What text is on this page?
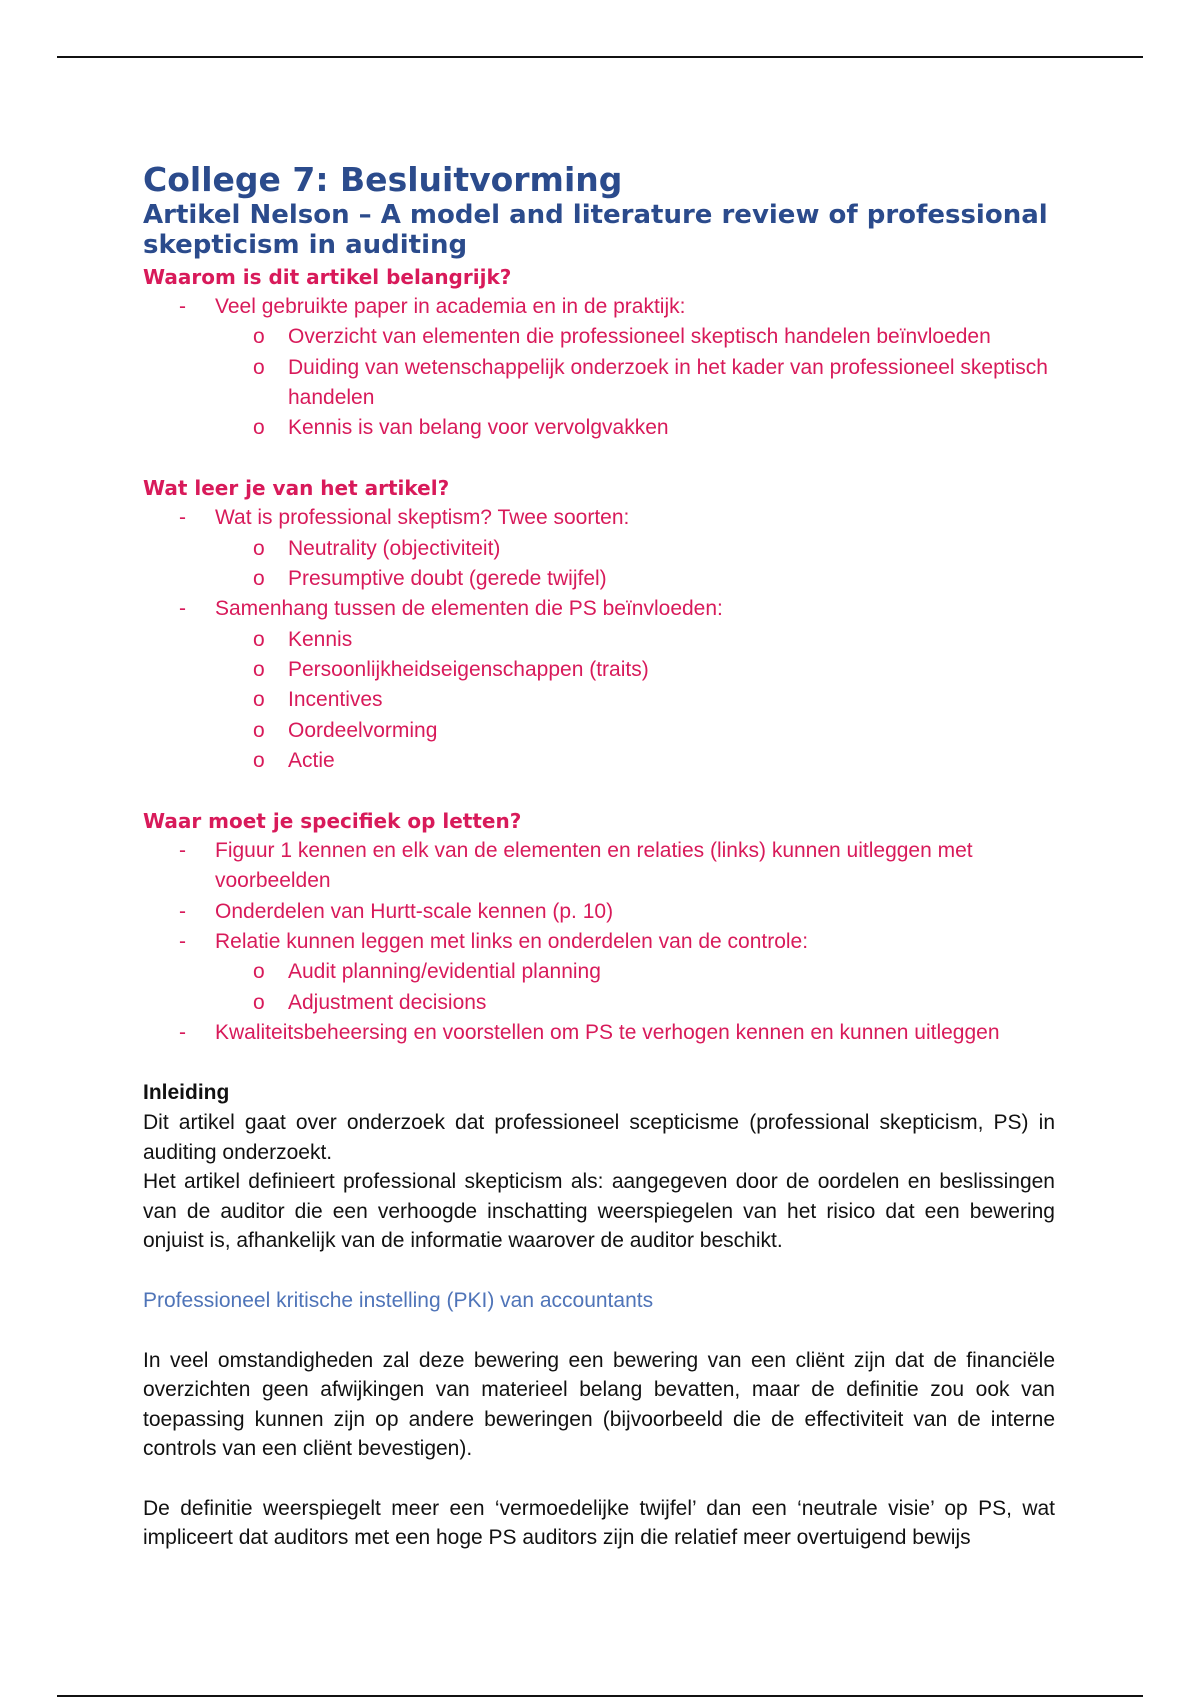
College 7: Besluitvorming
Artikel Nelson – A model and literature review of professional skepticism in auditing

Waarom is dit artikel belangrijk?

- Veel gebruikte paper in academia en in de praktijk:
o Overzicht van elementen die professioneel skeptisch handelen beïnvloeden
o Duiding van wetenschappelijk onderzoek in het kader van professioneel skeptisch handelen
o Kennis is van belang voor vervolgvakken

Wat leer je van het artikel?

- Wat is professional skeptism? Twee soorten:
o Neutrality (objectiviteit)
o Presumptive doubt (gerede twijfel)
- Samenhang tussen de elementen die PS beïnvloeden:
o Kennis
o Persoonlijkheidseigenschappen (traits)
o Incentives
o Oordeelvorming
o Actie

Waar moet je specifiek op letten?

- Figuur 1 kennen en elk van de elementen en relaties (links) kunnen uitleggen met voorbeelden
- Onderdelen van Hurtt-scale kennen (p. 10)
- Relatie kunnen leggen met links en onderdelen van de controle:
o Audit planning/evidential planning
o Adjustment decisions
- Kwaliteitsbeheersing en voorstellen om PS te verhogen kennen en kunnen uitleggen

Inleiding

Dit artikel gaat over onderzoek dat professioneel scepticisme (professional skepticism, PS) in auditing onderzoekt.

Het artikel definieert professional skepticism als: aangegeven door de oordelen en beslissingen van de auditor die een verhoogde inschatting weerspiegelen van het risico dat een bewering onjuist is, afhankelijk van de informatie waarover de auditor beschikt.

Professioneel kritische instelling (PKI) van accountants

In veel omstandigheden zal deze bewering een bewering van een cliënt zijn dat de financiële overzichten geen afwijkingen van materieel belang bevatten, maar de definitie zou ook van toepassing kunnen zijn op andere beweringen (bijvoorbeeld die de effectiviteit van de interne controls van een cliënt bevestigen).

De definitie weerspiegelt meer een ‘vermoedelijke twijfel’ dan een ‘neutrale visie’ op PS, wat impliceert dat auditors met een hoge PS auditors zijn die relatief meer overtuigend bewijs
